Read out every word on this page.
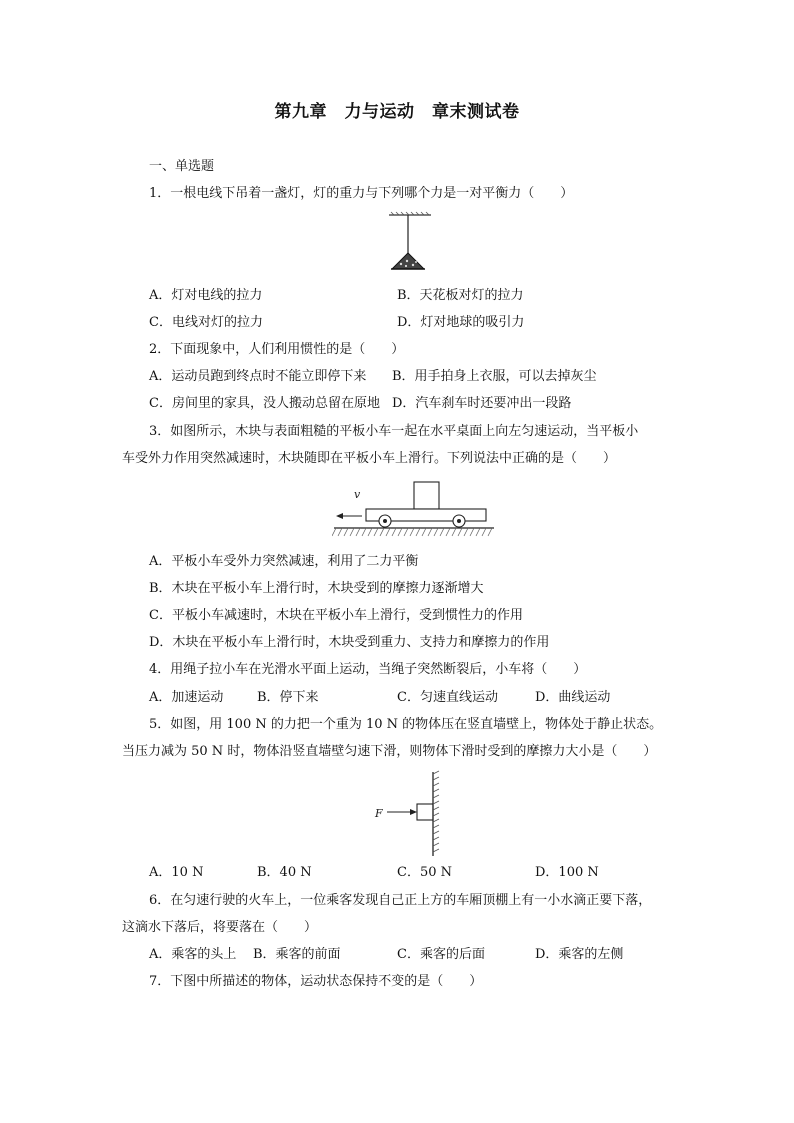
第九章　力与运动　章末测试卷
一、单选题
1．一根电线下吊着一盏灯，灯的重力与下列哪个力是一对平衡力（　　）
A．灯对电线的拉力	B．天花板对灯的拉力
C．电线对灯的拉力	D．灯对地球的吸引力
2．下面现象中，人们利用惯性的是（　　）
A．运动员跑到终点时不能立即停下来 B．用手拍身上衣服，可以去掉灰尘
C．房间里的家具，没人搬动总留在原地 D．汽车刹车时还要冲出一段路
3．如图所示，木块与表面粗糙的平板小车一起在水平桌面上向左匀速运动，当平板小
车受外力作用突然减速时，木块随即在平板小车上滑行。下列说法中正确的是（　　）
v
A．平板小车受外力突然减速，利用了二力平衡
B．木块在平板小车上滑行时，木块受到的摩擦力逐渐增大
C．平板小车减速时，木块在平板小车上滑行，受到惯性力的作用
D．木块在平板小车上滑行时，木块受到重力、支持力和摩擦力的作用
4．用绳子拉小车在光滑水平面上运动，当绳子突然断裂后，小车将（　　）
A．加速运动	B．停下来	C．匀速直线运动	D．曲线运动
5．如图，用 100 N 的力把一个重为 10 N 的物体压在竖直墙壁上，物体处于静止状态。
当压力减为 50 N 时，物体沿竖直墙壁匀速下滑，则物体下滑时受到的摩擦力大小是（　　）
F
A．10 N	B．40 N	C．50 N	D．100 N
6．在匀速行驶的火车上，一位乘客发现自己正上方的车厢顶棚上有一小水滴正要下落，
这滴水下落后，将要落在（　　）
A．乘客的头上 B．乘客的前面	C．乘客的后面	D．乘客的左侧
7．下图中所描述的物体，运动状态保持不变的是（　　）
